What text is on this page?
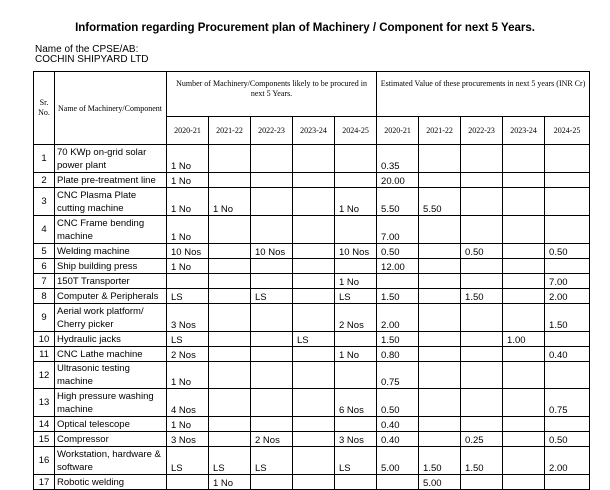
Information regarding Procurement plan of Machinery / Component for next 5 Years.
Name of the CPSE/AB:
COCHIN SHIPYARD LTD
Sr. No.	Name of Machinery/Component	Number of Machinery/Components likely to be procured in next 5 Years.					Estimated Value of these procurements in next 5 years (INR Cr)				
		2020-21	2021-22	2022-23	2023-24	2024-25	2020-21	2021-22	2022-23	2023-24	2024-25
1	70 KWp on-grid solar power plant	1 No					0.35				
2	Plate pre-treatment line	1 No					20.00				
3	CNC Plasma Plate cutting machine	1 No	1 No			1 No	5.50	5.50			
4	CNC Frame bending machine	1 No					7.00				
5	Welding machine	10 Nos		10 Nos		10 Nos	0.50		0.50		0.50
6	Ship building press	1 No					12.00				
7	150T Transporter					1 No					7.00
8	Computer & Peripherals	LS		LS		LS	1.50		1.50		2.00
9	Aerial work platform/ Cherry picker	3 Nos				2 Nos	2.00				1.50
10	Hydraulic jacks	LS			LS		1.50			1.00	
11	CNC Lathe machine	2 Nos				1 No	0.80				0.40
12	Ultrasonic testing machine	1 No					0.75				
13	High pressure washing machine	4 Nos				6 Nos	0.50				0.75
14	Optical telescope	1 No					0.40				
15	Compressor	3 Nos		2 Nos		3 Nos	0.40		0.25		0.50
16	Workstation, hardware & software	LS	LS	LS		LS	5.00	1.50	1.50		2.00
17	Robotic welding		1 No					5.00			
